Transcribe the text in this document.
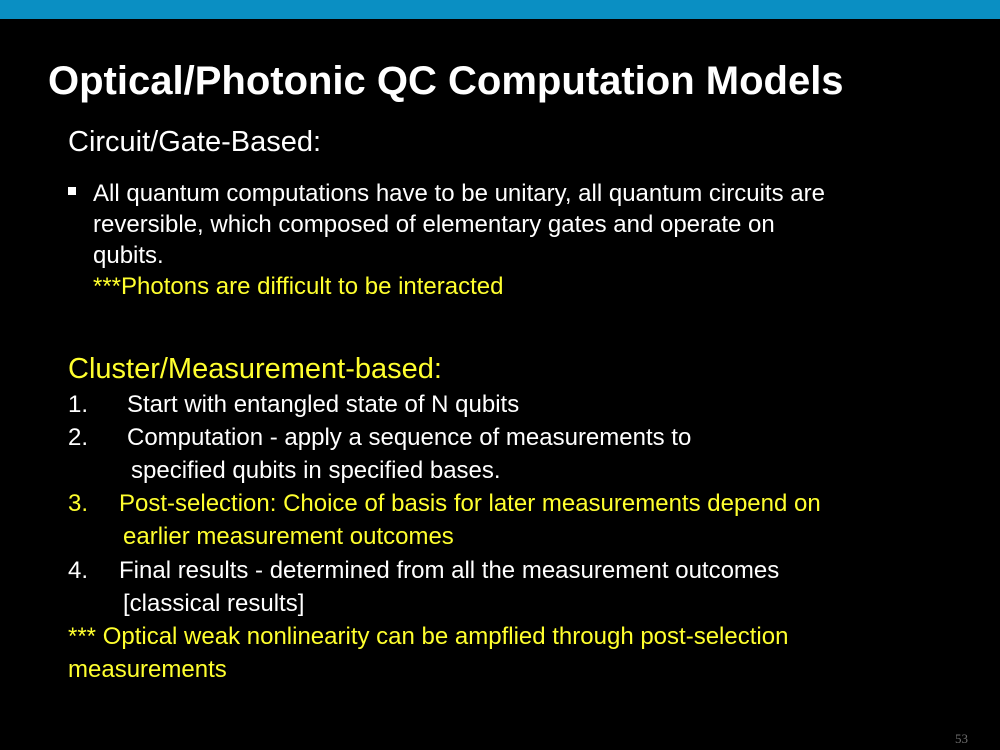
Optical/Photonic QC Computation Models
Circuit/Gate-Based:
All quantum computations have to be unitary, all quantum circuits are
reversible, which composed of elementary gates and operate on
qubits.
***Photons are difficult to be interacted
Cluster/Measurement-based:
1. Start with entangled state of N qubits
2. Computation - apply a sequence of measurements to
specified qubits in specified bases.
3. Post-selection: Choice of basis for later measurements depend on
earlier measurement outcomes
4. Final results - determined from all the measurement outcomes
[classical results]
*** Optical weak nonlinearity can be ampflied through post-selection
measurements
53
